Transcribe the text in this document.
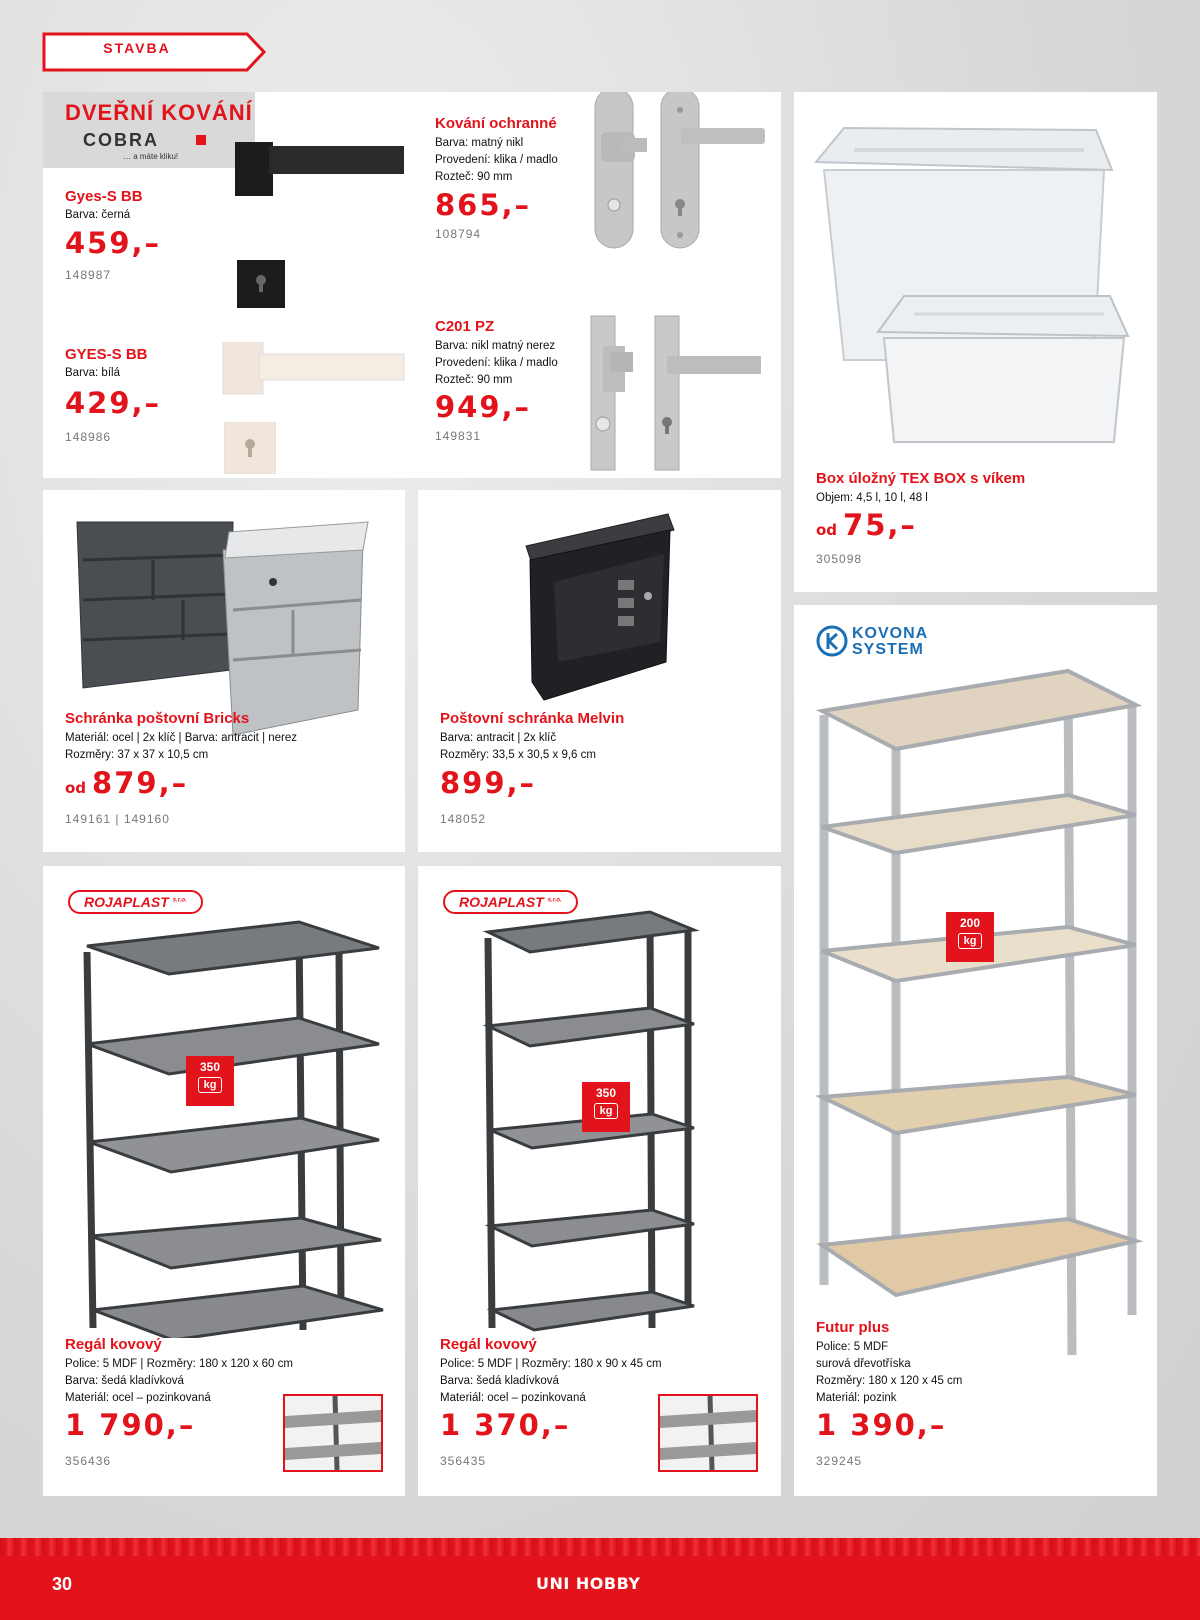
STAVBA
DVEŘNÍ KOVÁNÍ
COBRA
… a máte kliku!
Gyes-S BB
Barva: černá
459,–
148987
GYES-S BB
Barva: bílá
429,–
148986
Kování ochranné
Barva: matný nikl
Provedení: klika / madlo
Rozteč: 90 mm
865,–
108794
C201 PZ
Barva: nikl matný nerez
Provedení: klika / madlo
Rozteč: 90 mm
949,–
149831
Box úložný TEX BOX s víkem
Objem: 4,5 l, 10 l, 48 l
od 75,–
305098
Schránka poštovní Bricks
Materiál: ocel | 2x klíč | Barva: antracit | nerez
Rozměry: 37 x 37 x 10,5 cm
od 879,–
149161 | 149160
Poštovní schránka Melvin
Barva: antracit | 2x klíč
Rozměry: 33,5 x 30,5 x 9,6 cm
899,–
148052
ROJAPLAST $^{s.r.o.}$
350
kg
Regál kovový
Police: 5 MDF | Rozměry: 180 x 120 x 60 cm
Barva: šedá kladívková
Materiál: ocel – pozinkovaná
1 790,–
356436
ROJAPLAST $^{s.r.o.}$
350
kg
Regál kovový
Police: 5 MDF | Rozměry: 180 x 90 x 45 cm
Barva: šedá kladívková
Materiál: ocel – pozinkovaná
1 370,–
356435
KOVONA
SYSTEM
200
kg
Futur plus
Police: 5 MDF
surová dřevotříska
Rozměry: 180 x 120 x 45 cm
Materiál: pozink
1 390,–
329245
30	UNI HOBBY
